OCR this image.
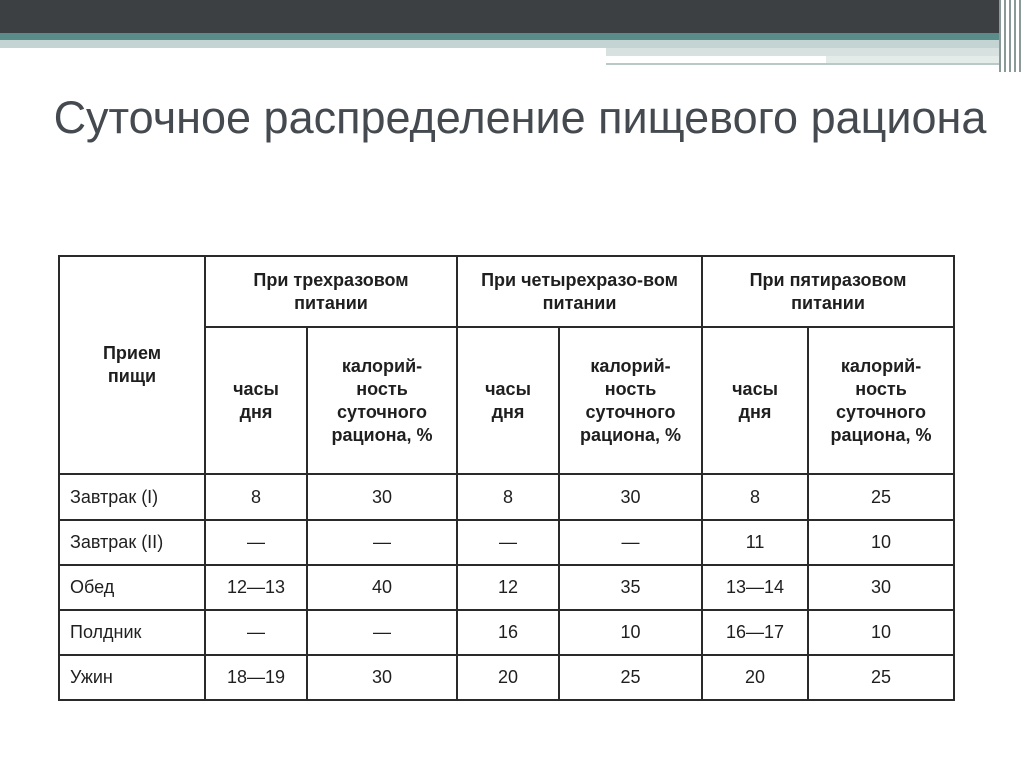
Суточное распределение пищевого рациона
Прием пищи	При трехразовом питании		При четырехразо-вом питании		При пятиразовом питании	
	часы дня	калорий-ность суточного рациона, %	часы дня	калорий-ность суточного рациона, %	часы дня	калорий-ность суточного рациона, %
Завтрак (I)	8	30	8	30	8	25
Завтрак (II)	—	—	—	—	11	10
Обед	12—13	40	12	35	13—14	30
Полдник	—	—	16	10	16—17	10
Ужин	18—19	30	20	25	20	25
